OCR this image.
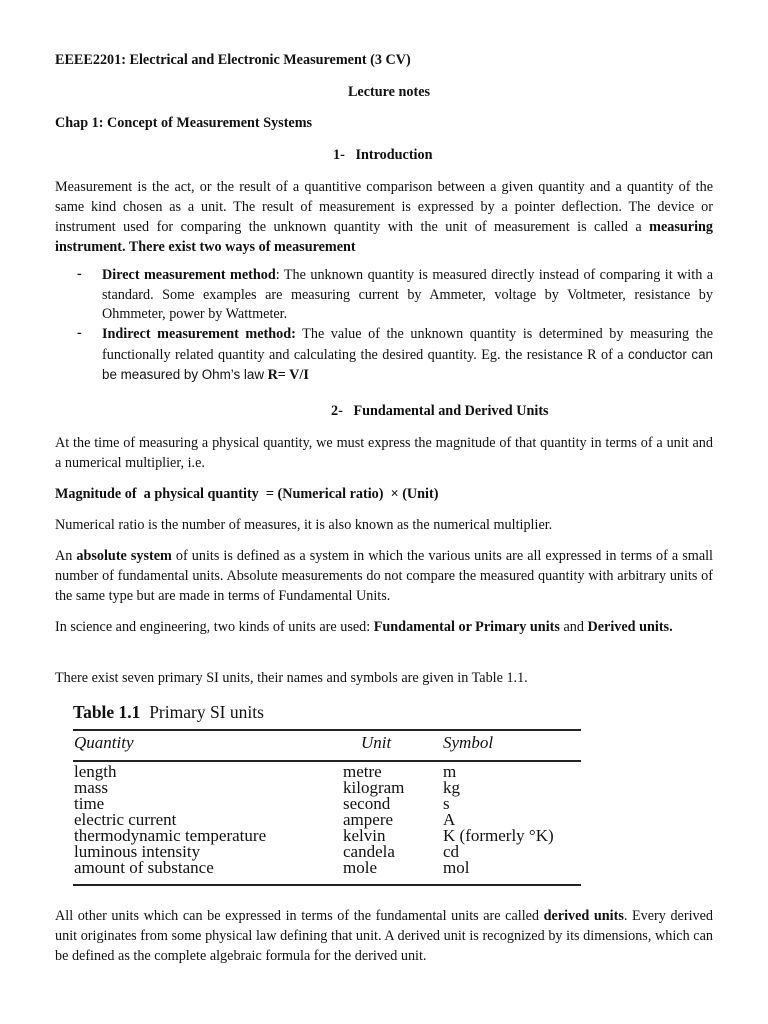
EEEE2201: Electrical and Electronic Measurement (3 CV)
Lecture notes
Chap 1: Concept of Measurement Systems
1- Introduction
Measurement is the act, or the result of a quantitive comparison between a given quantity and a quantity of the same kind chosen as a unit. The result of measurement is expressed by a pointer deflection. The device or instrument used for comparing the unknown quantity with the unit of measurement is called a measuring instrument. There exist two ways of measurement
- Direct measurement method: The unknown quantity is measured directly instead of comparing it with a standard. Some examples are measuring current by Ammeter, voltage by Voltmeter, resistance by Ohmmeter, power by Wattmeter.
- Indirect measurement method: The value of the unknown quantity is determined by measuring the functionally related quantity and calculating the desired quantity. Eg. the resistance R of a conductor can be measured by Ohm’s law R= V/I
2- Fundamental and Derived Units
At the time of measuring a physical quantity, we must express the magnitude of that quantity in terms of a unit and a numerical multiplier, i.e.
Magnitude of  a physical quantity  = (Numerical ratio)  × (Unit)
Numerical ratio is the number of measures, it is also known as the numerical multiplier.
An absolute system of units is defined as a system in which the various units are all expressed in terms of a small number of fundamental units. Absolute measurements do not compare the measured quantity with arbitrary units of the same type but are made in terms of Fundamental Units.
In science and engineering, two kinds of units are used: Fundamental or Primary units and Derived units.
There exist seven primary SI units, their names and symbols are given in Table 1.1.
Table 1.1 Primary SI units
Quantity	Unit	Symbol
length	metre	m
mass	kilogram kg
time	second	s
electric current	ampere	A
thermodynamic temperature	kelvin	K (formerly °K)
luminous intensity	candela	cd
amount of substance	mole	mol
All other units which can be expressed in terms of the fundamental units are called derived units. Every derived unit originates from some physical law defining that unit. A derived unit is recognized by its dimensions, which can be defined as the complete algebraic formula for the derived unit.
